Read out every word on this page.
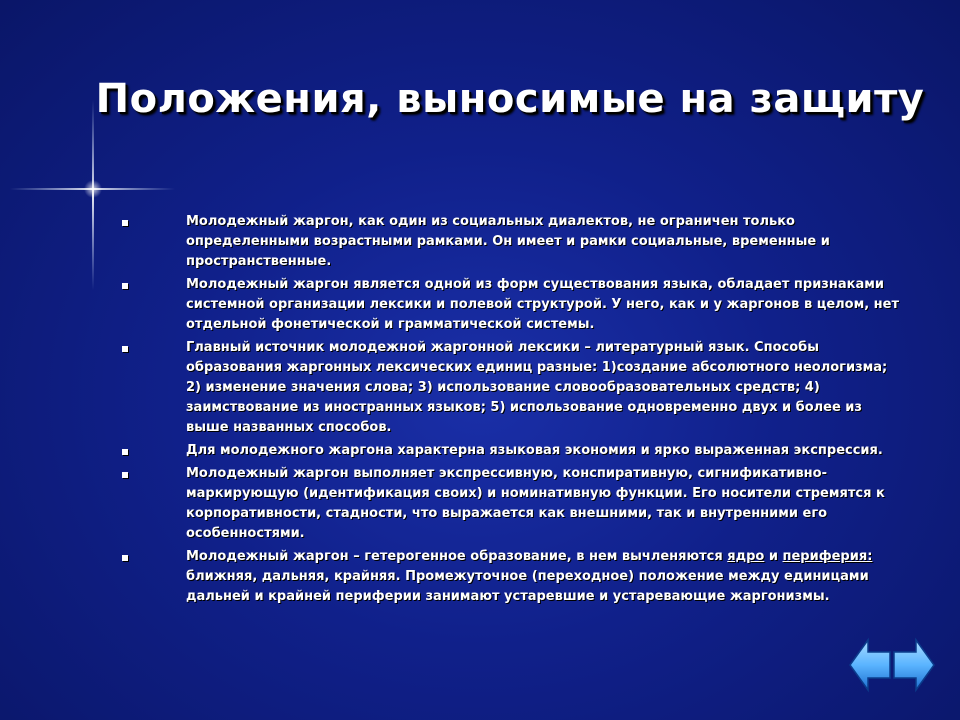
Положения, выносимые на защиту
Молодежный жаргон, как один из социальных диалектов, не ограничен только определенными возрастными рамками. Он имеет и рамки социальные, временные и пространственные.
Молодежный жаргон является одной из форм существования языка, обладает признаками системной организации лексики и полевой структурой. У него, как и у жаргонов в целом, нет отдельной фонетической и грамматической системы.
Главный источник молодежной жаргонной лексики – литературный язык. Способы образования жаргонных лексических единиц разные: 1)создание абсолютного неологизма; 2) изменение значения слова; 3) использование словообразовательных средств; 4) заимствование из иностранных языков; 5) использование одновременно двух и более из выше названных способов.
Для молодежного жаргона характерна языковая экономия и ярко выраженная экспрессия.
Молодежный жаргон выполняет экспрессивную, конспиративную, сигнификативно-маркирующую (идентификация своих) и номинативную функции. Его носители стремятся к корпоративности, стадности, что выражается как внешними, так и внутренними его особенностями.
Молодежный жаргон – гетерогенное образование, в нем вычленяются ядро и периферия: ближняя, дальняя, крайняя. Промежуточное (переходное) положение между единицами дальней и крайней периферии занимают устаревшие и устаревающие жаргонизмы.
